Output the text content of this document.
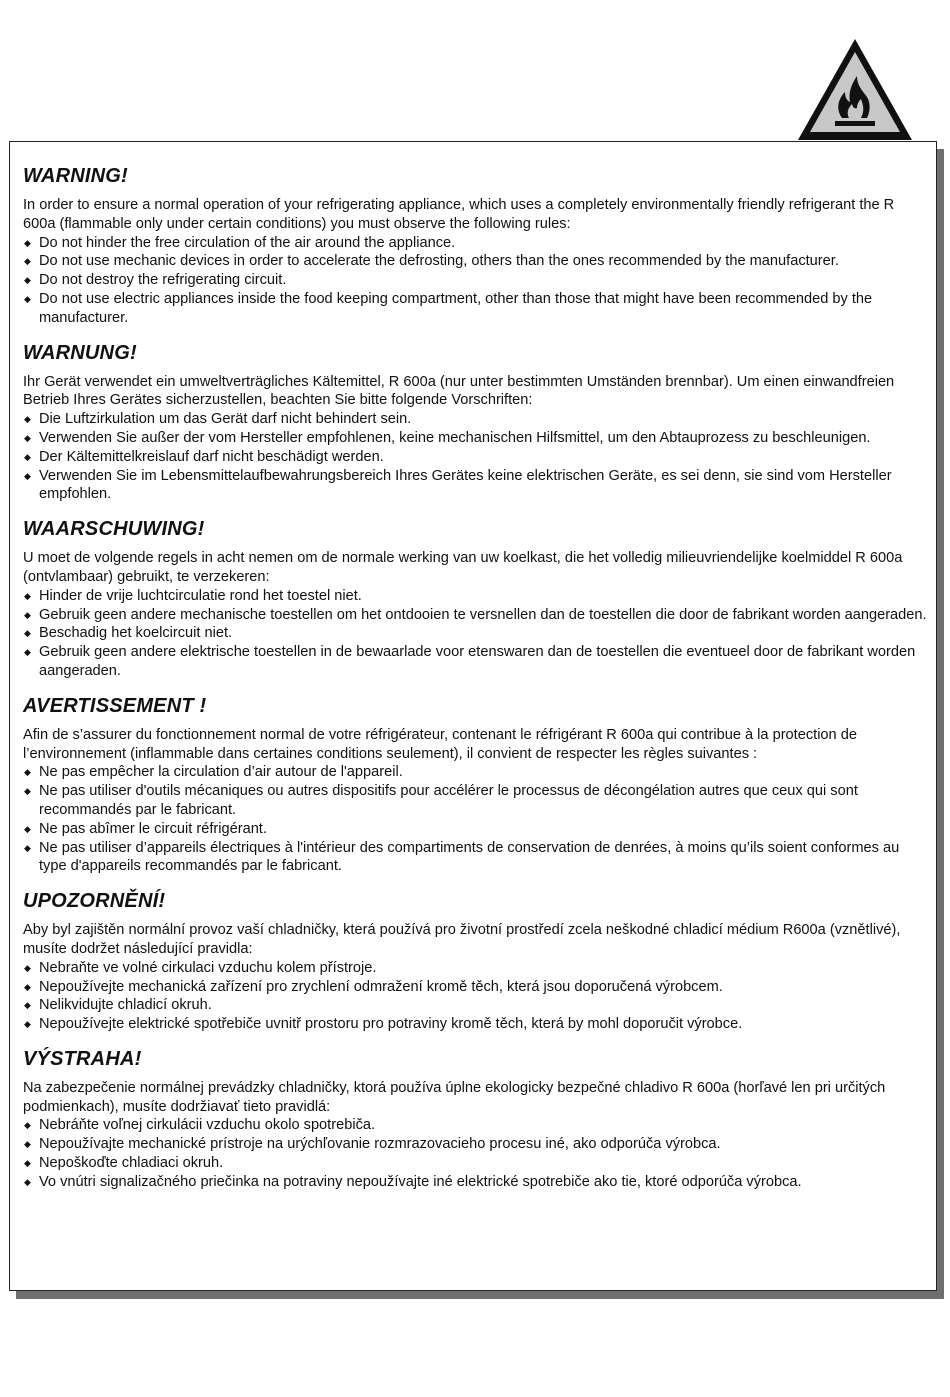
WARNING!

In order to ensure a normal operation of your refrigerating appliance, which uses a completely environmentally friendly refrigerant the R 600a (flammable only under certain conditions) you must observe the following rules:

◆ Do not hinder the free circulation of the air around the appliance.
◆ Do not use mechanic devices in order to accelerate the defrosting, others than the ones recommended by the manufacturer.
◆ Do not destroy the refrigerating circuit.
◆ Do not use electric appliances inside the food keeping compartment, other than those that might have been recommended by the manufacturer.
WARNUNG!

Ihr Gerät verwendet ein umweltverträgliches Kältemittel, R 600a (nur unter bestimmten Umständen brennbar). Um einen einwandfreien Betrieb Ihres Gerätes sicherzustellen, beachten Sie bitte folgende Vorschriften:

◆ Die Luftzirkulation um das Gerät darf nicht behindert sein.
◆ Verwenden Sie außer der vom Hersteller empfohlenen, keine mechanischen Hilfsmittel, um den Abtauprozess zu beschleunigen.
◆ Der Kältemittelkreislauf darf nicht beschädigt werden.
◆ Verwenden Sie im Lebensmittelaufbewahrungsbereich Ihres Gerätes keine elektrischen Geräte, es sei denn, sie sind vom Hersteller empfohlen.
WAARSCHUWING!

U moet de volgende regels in acht nemen om de normale werking van uw koelkast, die het volledig milieuvriendelijke koelmiddel R 600a (ontvlambaar) gebruikt, te verzekeren:

◆ Hinder de vrije luchtcirculatie rond het toestel niet.
◆ Gebruik geen andere mechanische toestellen om het ontdooien te versnellen dan de toestellen die door de fabrikant worden aangeraden.
◆ Beschadig het koelcircuit niet.
◆ Gebruik geen andere elektrische toestellen in de bewaarlade voor etenswaren dan de toestellen die eventueel door de fabrikant worden aangeraden.
AVERTISSEMENT !

Afin de s’assurer du fonctionnement normal de votre réfrigérateur, contenant le réfrigérant R 600a qui contribue à la protection de l’environnement (inflammable dans certaines conditions seulement), il convient de respecter les règles suivantes :

◆ Ne pas empêcher la circulation d’air autour de l'appareil.
◆ Ne pas utiliser d'outils mécaniques ou autres dispositifs pour accélérer le processus de décongélation autres que ceux qui sont recommandés par le fabricant.
◆ Ne pas abîmer le circuit réfrigérant.
◆ Ne pas utiliser d’appareils électriques à l'intérieur des compartiments de conservation de denrées, à moins qu’ils soient conformes au type d'appareils recommandés par le fabricant.
UPOZORNĚNÍ!

Aby byl zajištěn normální provoz vaší chladničky, která používá pro životní prostředí zcela neškodné chladicí médium R600a (vznětlivé), musíte dodržet následující pravidla:

◆ Nebraňte ve volné cirkulaci vzduchu kolem přístroje.
◆ Nepoužívejte mechanická zařízení pro zrychlení odmražení kromě těch, která jsou doporučená výrobcem.
◆ Nelikvidujte chladicí okruh.
◆ Nepoužívejte elektrické spotřebiče uvnitř prostoru pro potraviny kromě těch, která by mohl doporučit výrobce.
VÝSTRAHA!

Na zabezpečenie normálnej prevádzky chladničky, ktorá používa úplne ekologicky bezpečné chladivo R 600a (horľavé len pri určitých podmienkach), musíte dodržiavať tieto pravidlá:

◆ Nebráňte voľnej cirkulácii vzduchu okolo spotrebiča.
◆ Nepoužívajte mechanické prístroje na urýchľovanie rozmrazovacieho procesu iné, ako odporúča výrobca.
◆ Nepoškoďte chladiaci okruh.
◆ Vo vnútri signalizačného priečinka na potraviny nepoužívajte iné elektrické spotrebiče ako tie, ktoré odporúča výrobca.
